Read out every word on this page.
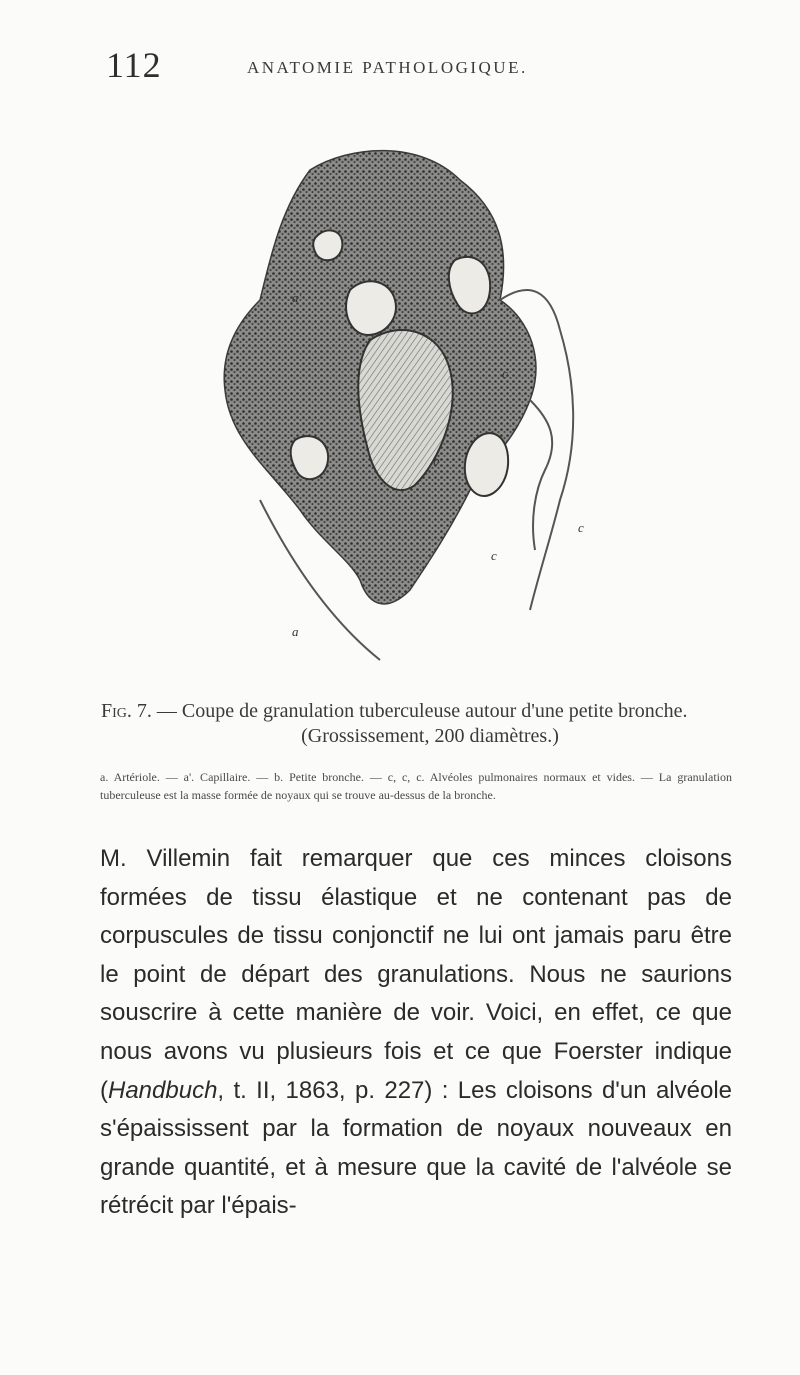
112	ANATOMIE PATHOLOGIQUE.
a'
c
b
c
c
a
Fig. 7. — Coupe de granulation tuberculeuse autour d'une petite bronche.
(Grossissement, 200 diamètres.)
a. Artériole. — a'. Capillaire. — b. Petite bronche. — c, c, c. Alvéoles pulmonaires normaux et vides. — La granulation tuberculeuse est la masse formée de noyaux qui se trouve au-dessus de la bronche.

M. Villemin fait remarquer que ces minces cloisons formées de tissu élastique et ne contenant pas de corpuscules de tissu conjonctif ne lui ont jamais paru être le point de départ des granulations. Nous ne saurions souscrire à cette manière de voir. Voici, en effet, ce que nous avons vu plusieurs fois et ce que Foerster indique (Handbuch, t. II, 1863, p. 227) : Les cloisons d'un alvéole s'épaississent par la formation de noyaux nouveaux en grande quantité, et à mesure que la cavité de l'alvéole se rétrécit par l'épais-
